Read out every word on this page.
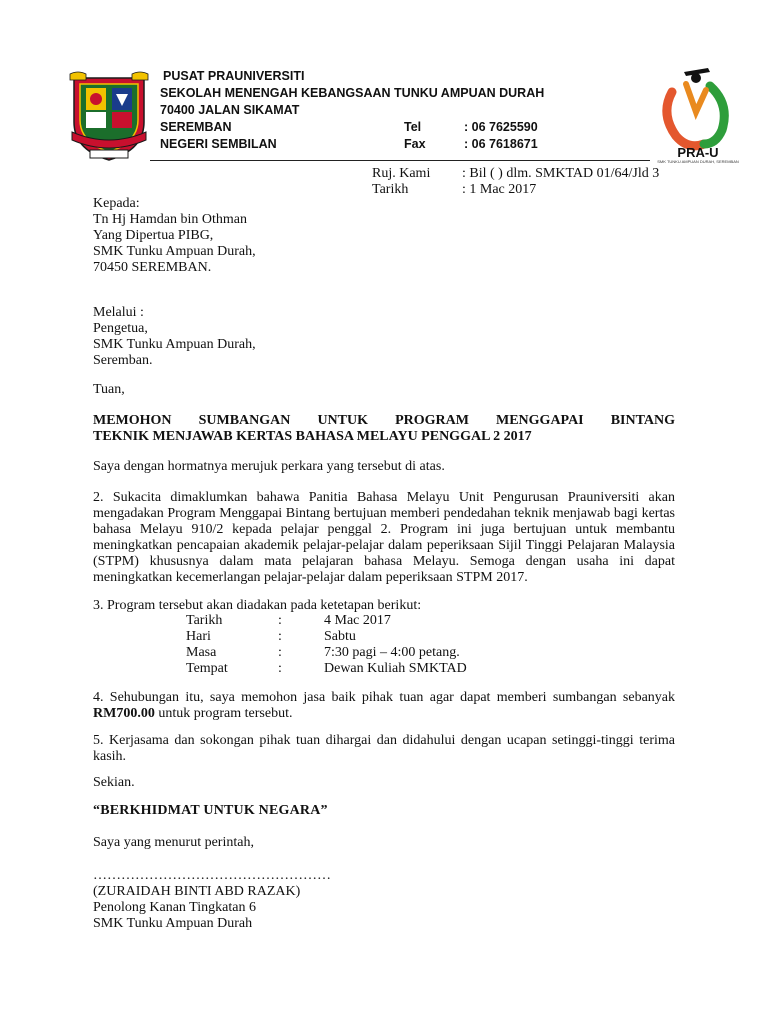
PRA-U
SMK TUNKU AMPUAN DURAH, SEREMBAN
PUSAT PRAUNIVERSITI
SEKOLAH MENENGAH KEBANGSAAN TUNKU AMPUAN DURAH
70400 JALAN SIKAMAT
SEREMBAN	Tel	: 06 7625590
NEGERI SEMBILAN	Fax	: 06 7618671
Ruj. Kami : Bil ( ) dlm. SMKTAD 01/64/Jld 3
Tarikh	: 1 Mac 2017
Kepada:
Tn Hj Hamdan bin Othman
Yang Dipertua PIBG,
SMK Tunku Ampuan Durah,
70450 SEREMBAN.
Melalui :
Pengetua,
SMK Tunku Ampuan Durah,
Seremban.
Tuan,
MEMOHON SUMBANGAN UNTUK PROGRAM MENGGAPAI BINTANG
TEKNIK MENJAWAB KERTAS BAHASA MELAYU PENGGAL 2 2017

Saya dengan hormatnya merujuk perkara yang tersebut di atas.

2. Sukacita dimaklumkan bahawa Panitia Bahasa Melayu Unit Pengurusan Prauniversiti akan mengadakan Program Menggapai Bintang bertujuan memberi pendedahan teknik menjawab bagi kertas bahasa Melayu 910/2 kepada pelajar penggal 2. Program ini juga bertujuan untuk membantu meningkatkan pencapaian akademik pelajar-pelajar dalam peperiksaan Sijil Tinggi Pelajaran Malaysia (STPM) khususnya dalam mata pelajaran bahasa Melayu. Semoga dengan usaha ini dapat meningkatkan kecemerlangan pelajar-pelajar dalam peperiksaan STPM 2017.

3. Program tersebut akan diadakan pada ketetapan berikut:

Tarikh	:	4 Mac 2017
Hari	:	Sabtu
Masa	:	7:30 pagi – 4:00 petang.
Tempat	:	Dewan Kuliah SMKTAD

4. Sehubungan itu, saya memohon jasa baik pihak tuan agar dapat memberi sumbangan sebanyak RM700.00 untuk program tersebut.

5. Kerjasama dan sokongan pihak tuan dihargai dan didahului dengan ucapan setinggi-tinggi terima kasih.

Sekian.
“BERKHIDMAT UNTUK NEGARA”
Saya yang menurut perintah,
……………………………………………
(ZURAIDAH BINTI ABD RAZAK)
Penolong Kanan Tingkatan 6
SMK Tunku Ampuan Durah
